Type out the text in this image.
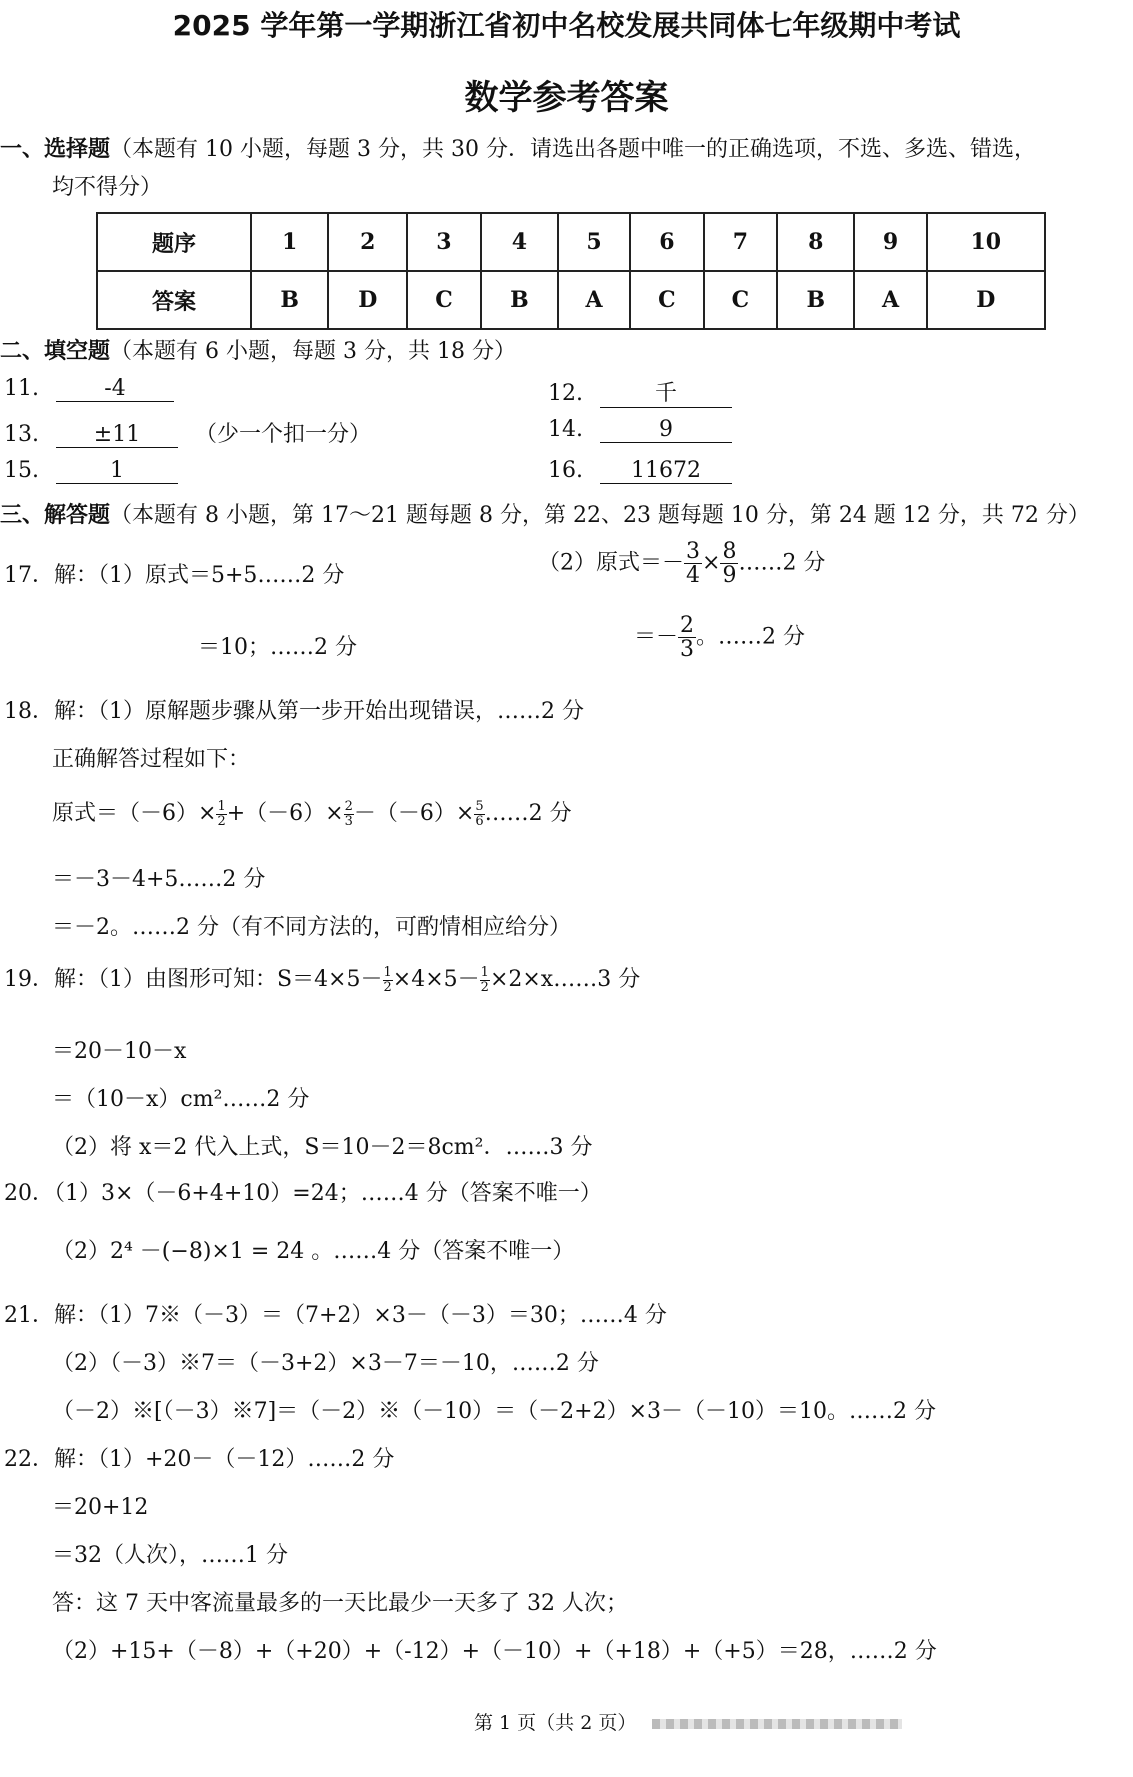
2025 学年第一学期浙江省初中名校发展共同体七年级期中考试
数学参考答案
一、选择题（本题有 10 小题，每题 3 分，共 30 分．请选出各题中唯一的正确选项，不选、多选、错选，
均不得分）
题序	1	2	3	4	5	6	7	8	9	10
答案	B	D	C	B	A	C	C	B	A	D
二、填空题（本题有 6 小题，每题 3 分，共 18 分）
11.	-4	12.	千
13. ±11 （少一个扣一分）	14.	9
15.	1	16. 11672
三、解答题（本题有 8 小题，第 17～21 题每题 8 分，第 22、23 题每题 10 分，第 24 题 12 分，共 72 分）
17．解：（1）原式＝5+5……2 分
＝10；……2 分
（2）原式＝－ $\frac{3}{4} \times \frac{8}{9}$ ……2 分
＝－ $\frac{2}{3}$ 。……2 分
18．解：（1）原解题步骤从第一步开始出现错误，……2 分
正确解答过程如下：
原式$=(-6)\times \frac{1}{2} +(-6)\times \frac{2}{3} -(-6)\times \frac{5}{6}$ ……2 分
＝－3－4+5……2 分
＝－2。……2 分（有不同方法的，可酌情相应给分）
19．解：（1）由图形可知：$S=4\times 5- \frac{1}{2} \times 4\times 5- \frac{1}{2}$ ×2×x……3 分
＝20－10－x
＝（10－x）cm²……2 分
（2）将 x＝2 代入上式，S＝10－2＝8cm²．……3 分
20．（1）3×（－6+4+10）=24；……4 分（答案不唯一）
（2）2⁴ －(−8)×1 = 24 。……4 分（答案不唯一）
21．解：（1）7※（－3）＝（7+2）×3－（－3）＝30；……4 分
（2）（－3）※7＝（－3+2）×3－7＝－10，……2 分
（－2）※[（－3）※7]＝（－2）※（－10）＝（－2+2）×3－（－10）＝10。……2 分
22．解：（1）+20－（－12）……2 分
＝20+12
＝32（人次），……1 分
答：这 7 天中客流量最多的一天比最少一天多了 32 人次；
（2）+15+（－8）+（+20）+（-12）+（－10）+（+18）+（+5）＝28，……2 分
第 1 页（共 2 页）
